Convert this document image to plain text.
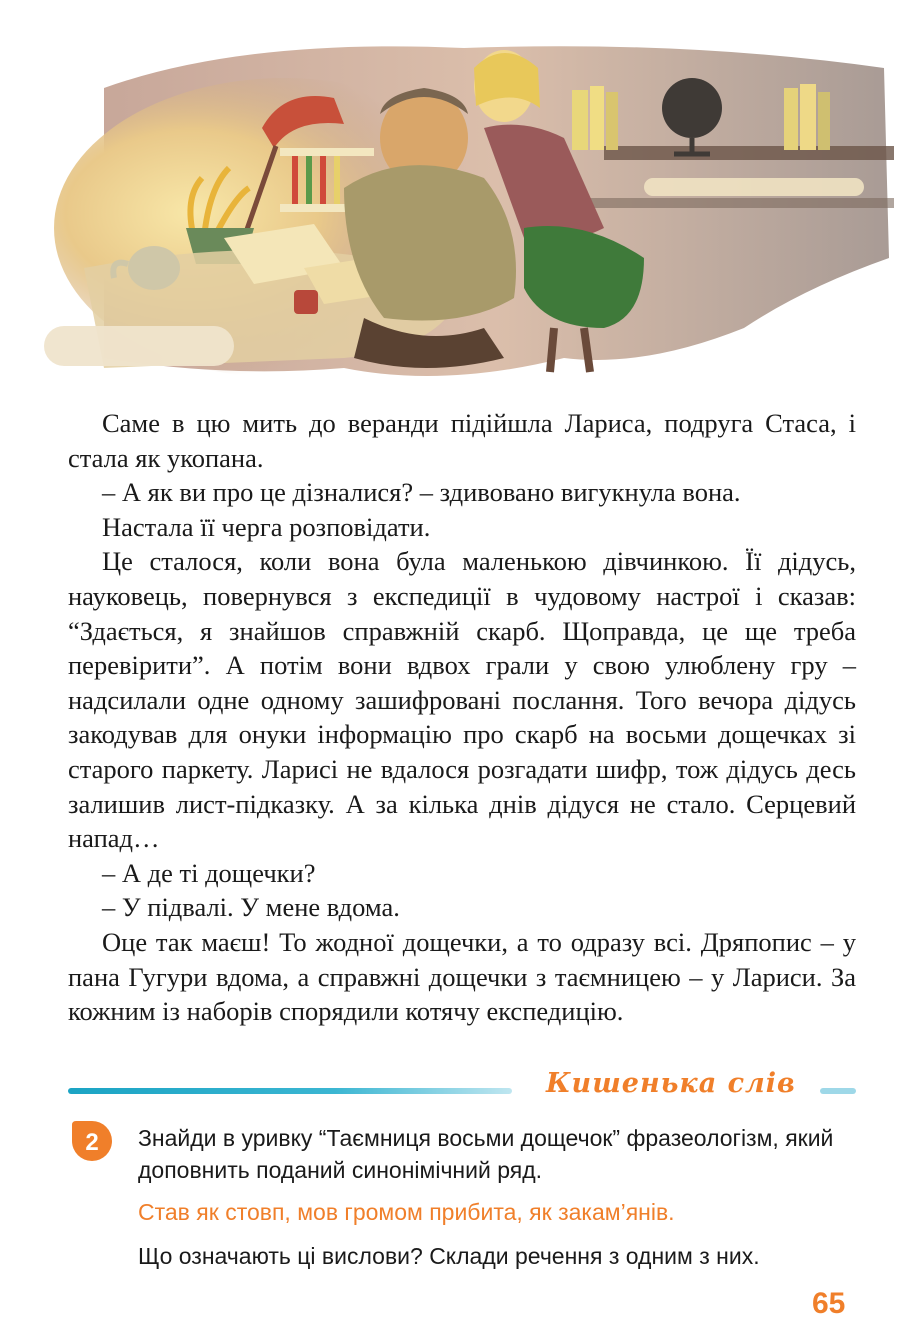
Саме в цю мить до веранди підійшла Лариса, подруга Стаса, і стала як укопана.

– А як ви про це дізналися? – здивовано вигукнула вона.

Настала її черга розповідати.

Це сталося, коли вона була маленькою дівчинкою. Її дідусь, науковець, повернувся з експедиції в чудовому настрої і сказав: “Здається, я знайшов справжній скарб. Щоправда, це ще треба перевірити”. А потім вони вдвох грали у свою улюблену гру – надсилали одне одному зашифровані послання. Того вечора дідусь закодував для онуки інформацію про скарб на восьми дощечках зі старого паркету. Ларисі не вдалося розгадати шифр, тож дідусь десь залишив лист-підказку. А за кілька днів дідуся не стало. Серцевий напад…

– А де ті дощечки?

– У підвалі. У мене вдома.

Оце так маєш! То жодної дощечки, а то одразу всі. Дряпопис – у пана Гугури вдома, а справжні дощечки з таємницею – у Лариси. За кожним із наборів спорядили котячу експедицію.

Кишенька слів
2 Знайди в уривку “Таємниця восьми дощечок” фразеологізм, який доповнить поданий синонімічний ряд.

Став як стовп, мов громом прибита, як закам’янів.

Що означають ці вислови? Склади речення з одним з них.

65
